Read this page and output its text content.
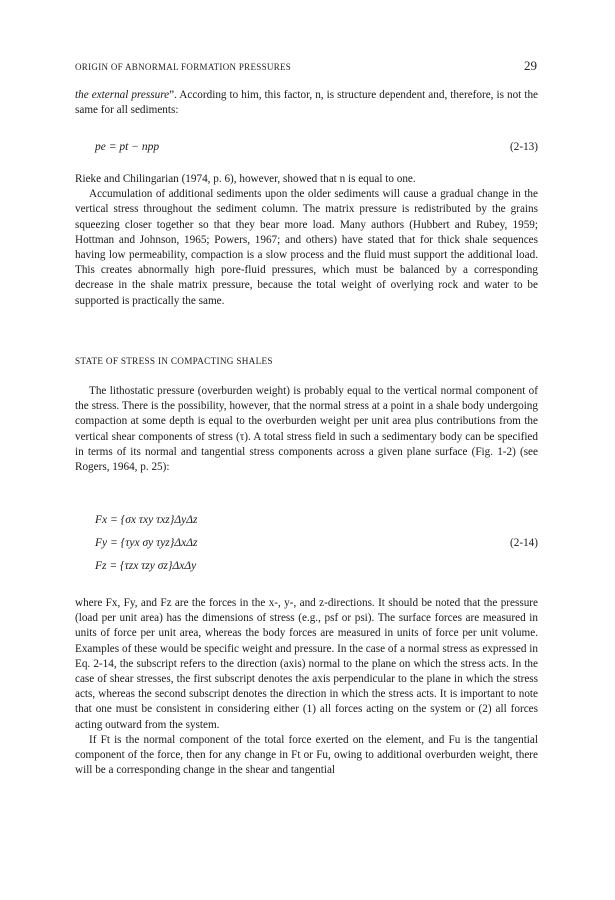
ORIGIN OF ABNORMAL FORMATION PRESSURES	29

the external pressure”. According to him, this factor, n, is structure dependent and, therefore, is not the same for all sediments:

pe = pt − npp	(2-13)

Rieke and Chilingarian (1974, p. 6), however, showed that n is equal to one.

Accumulation of additional sediments upon the older sediments will cause a gradual change in the vertical stress throughout the sediment column. The matrix pressure is redistributed by the grains squeezing closer together so that they bear more load. Many authors (Hubbert and Rubey, 1959; Hottman and Johnson, 1965; Powers, 1967; and others) have stated that for thick shale sequences having low permeability, compaction is a slow process and the fluid must support the additional load. This creates abnormally high pore-fluid pressures, which must be balanced by a corresponding decrease in the shale matrix pressure, because the total weight of overlying rock and water to be supported is practically the same.

STATE OF STRESS IN COMPACTING SHALES

The lithostatic pressure (overburden weight) is probably equal to the vertical normal component of the stress. There is the possibility, however, that the normal stress at a point in a shale body undergoing compaction at some depth is equal to the overburden weight per unit area plus contributions from the vertical shear components of stress (τ). A total stress field in such a sedimentary body can be specified in terms of its normal and tangential stress components across a given plane surface (Fig. 1-2) (see Rogers, 1964, p. 25):

Fx = {σx τxy τxz}ΔyΔz
Fy = {τyx σy τyz}ΔxΔz
Fz = {τzx τzy σz}ΔxΔy
(2-14)

where Fx, Fy, and Fz are the forces in the x-, y-, and z-directions. It should be noted that the pressure (load per unit area) has the dimensions of stress (e.g., psf or psi). The surface forces are measured in units of force per unit area, whereas the body forces are measured in units of force per unit volume. Examples of these would be specific weight and pressure. In the case of a normal stress as expressed in Eq. 2-14, the subscript refers to the direction (axis) normal to the plane on which the stress acts. In the case of shear stresses, the first subscript denotes the axis perpendicular to the plane in which the stress acts, whereas the second subscript denotes the direction in which the stress acts. It is important to note that one must be consistent in considering either (1) all forces acting on the system or (2) all forces acting outward from the system.

If Ft is the normal component of the total force exerted on the element, and Fu is the tangential component of the force, then for any change in Ft or Fu, owing to additional overburden weight, there will be a corresponding change in the shear and tangential
